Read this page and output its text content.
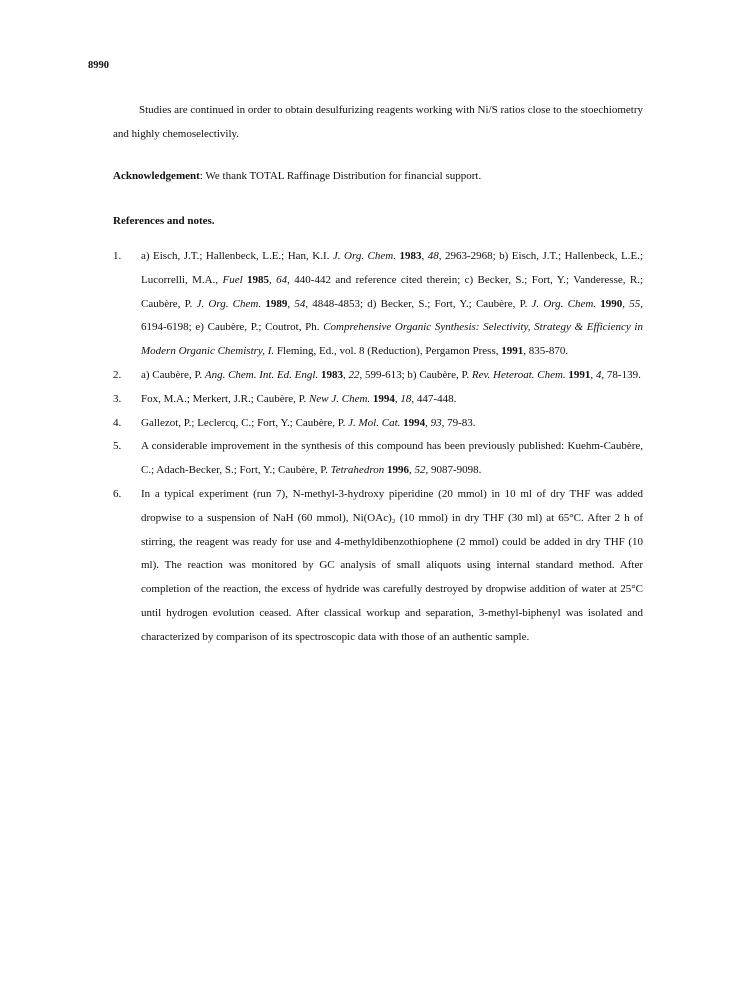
8990

Studies are continued in order to obtain desulfurizing reagents working with Ni/S ratios close to the stoechiometry and highly chemoselectivily.

Acknowledgement: We thank TOTAL Raffinage Distribution for financial support.

References and notes.

1. a) Eisch, J.T.; Hallenbeck, L.E.; Han, K.I. J. Org. Chem. 1983, 48, 2963-2968; b) Eisch, J.T.; Hallenbeck, L.E.; Lucorrelli, M.A., Fuel 1985, 64, 440-442 and reference cited therein; c) Becker, S.; Fort, Y.; Vanderesse, R.; Caubère, P. J. Org. Chem. 1989, 54, 4848-4853; d) Becker, S.; Fort, Y.; Caubère, P. J. Org. Chem. 1990, 55, 6194-6198; e) Caubère, P.; Coutrot, Ph. Comprehensive Organic Synthesis: Selectivity, Strategy & Efficiency in Modern Organic Chemistry, I. Fleming, Ed., vol. 8 (Reduction), Pergamon Press, 1991, 835-870.
2. a) Caubère, P. Ang. Chem. Int. Ed. Engl. 1983, 22, 599-613; b) Caubère, P. Rev. Heteroat. Chem. 1991, 4, 78-139.
3. Fox, M.A.; Merkert, J.R.; Caubère, P. New J. Chem. 1994, 18, 447-448.
4. Gallezot, P.; Leclercq, C.; Fort, Y.; Caubère, P. J. Mol. Cat. 1994, 93, 79-83.
5. A considerable improvement in the synthesis of this compound has been previously published: Kuehm-Caubère, C.; Adach-Becker, S.; Fort, Y.; Caubère, P. Tetrahedron 1996, 52, 9087-9098.
6. In a typical experiment (run 7), N-methyl-3-hydroxy piperidine (20 mmol) in 10 ml of dry THF was added dropwise to a suspension of NaH (60 mmol), Ni(OAc)₂ (10 mmol) in dry THF (30 ml) at 65°C. After 2 h of stirring, the reagent was ready for use and 4-methyldibenzothiophene (2 mmol) could be added in dry THF (10 ml). The reaction was monitored by GC analysis of small aliquots using internal standard method. After completion of the reaction, the excess of hydride was carefully destroyed by dropwise addition of water at 25°C until hydrogen evolution ceased. After classical workup and separation, 3-methyl-biphenyl was isolated and characterized by comparison of its spectroscopic data with those of an authentic sample.
